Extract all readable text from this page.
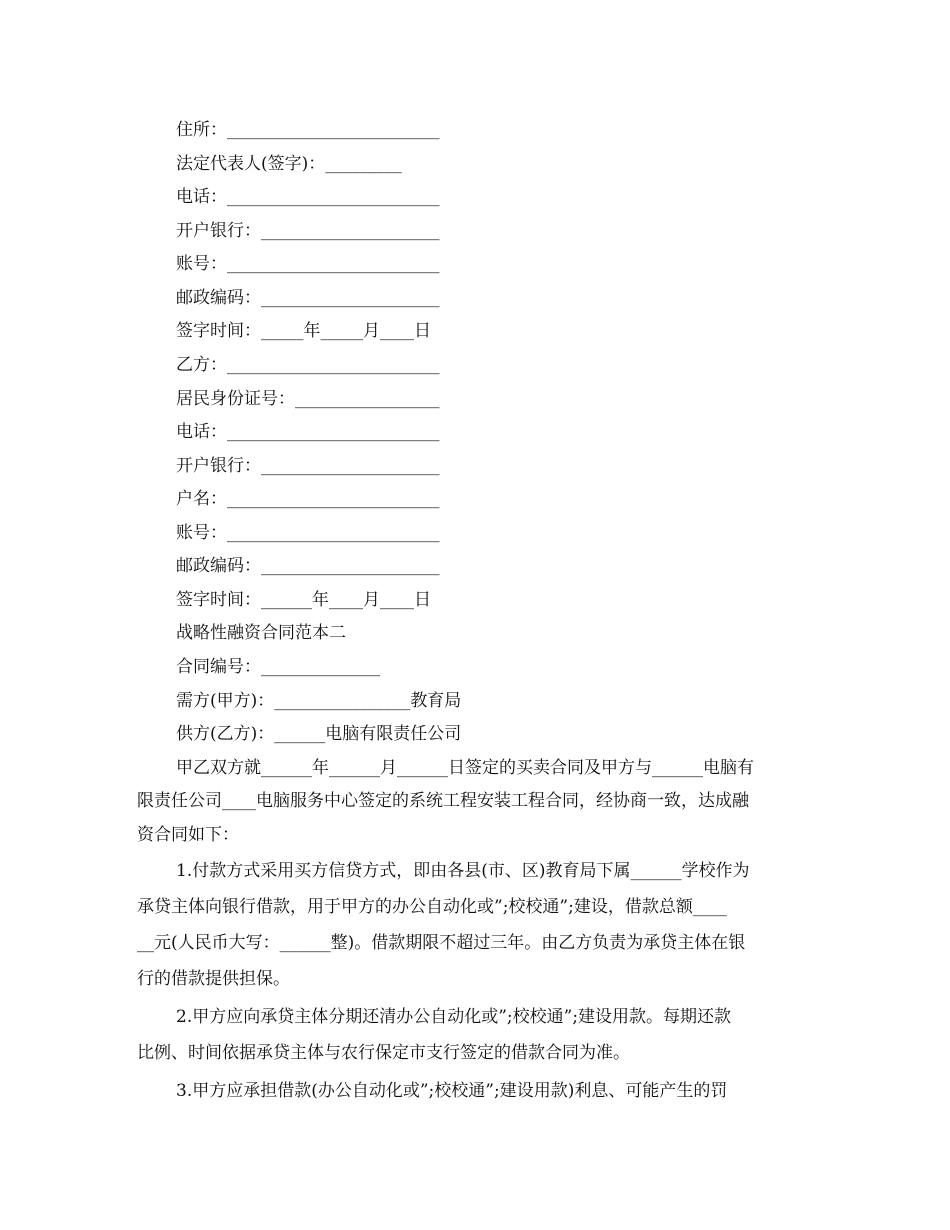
住所：_________________________
法定代表人(签字)：_________
电话：_________________________
开户银行：_____________________
账号：_________________________
邮政编码：_____________________
签字时间：_____年_____月____日
乙方：_________________________
居民身份证号：_________________
电话：_________________________
开户银行：_____________________
户名：_________________________
账号：_________________________
邮政编码：_____________________
签字时间：______年____月____日
战略性融资合同范本二
合同编号：______________
需方(甲方)：________________教育局
供方(乙方)：______电脑有限责任公司
甲乙双方就______年______月______日签定的买卖合同及甲方与______电脑有
限责任公司____电脑服务中心签定的系统工程安装工程合同，经协商一致，达成融
资合同如下：
1.付款方式采用买方信贷方式，即由各县(市、区)教育局下属______学校作为
承贷主体向银行借款，用于甲方的办公自动化或”;校校通”;建设，借款总额____
__元(人民币大写：______整)。借款期限不超过三年。由乙方负责为承贷主体在银
行的借款提供担保。
2.甲方应向承贷主体分期还清办公自动化或”;校校通”;建设用款。每期还款
比例、时间依据承贷主体与农行保定市支行签定的借款合同为准。
3.甲方应承担借款(办公自动化或”;校校通”;建设用款)利息、可能产生的罚
